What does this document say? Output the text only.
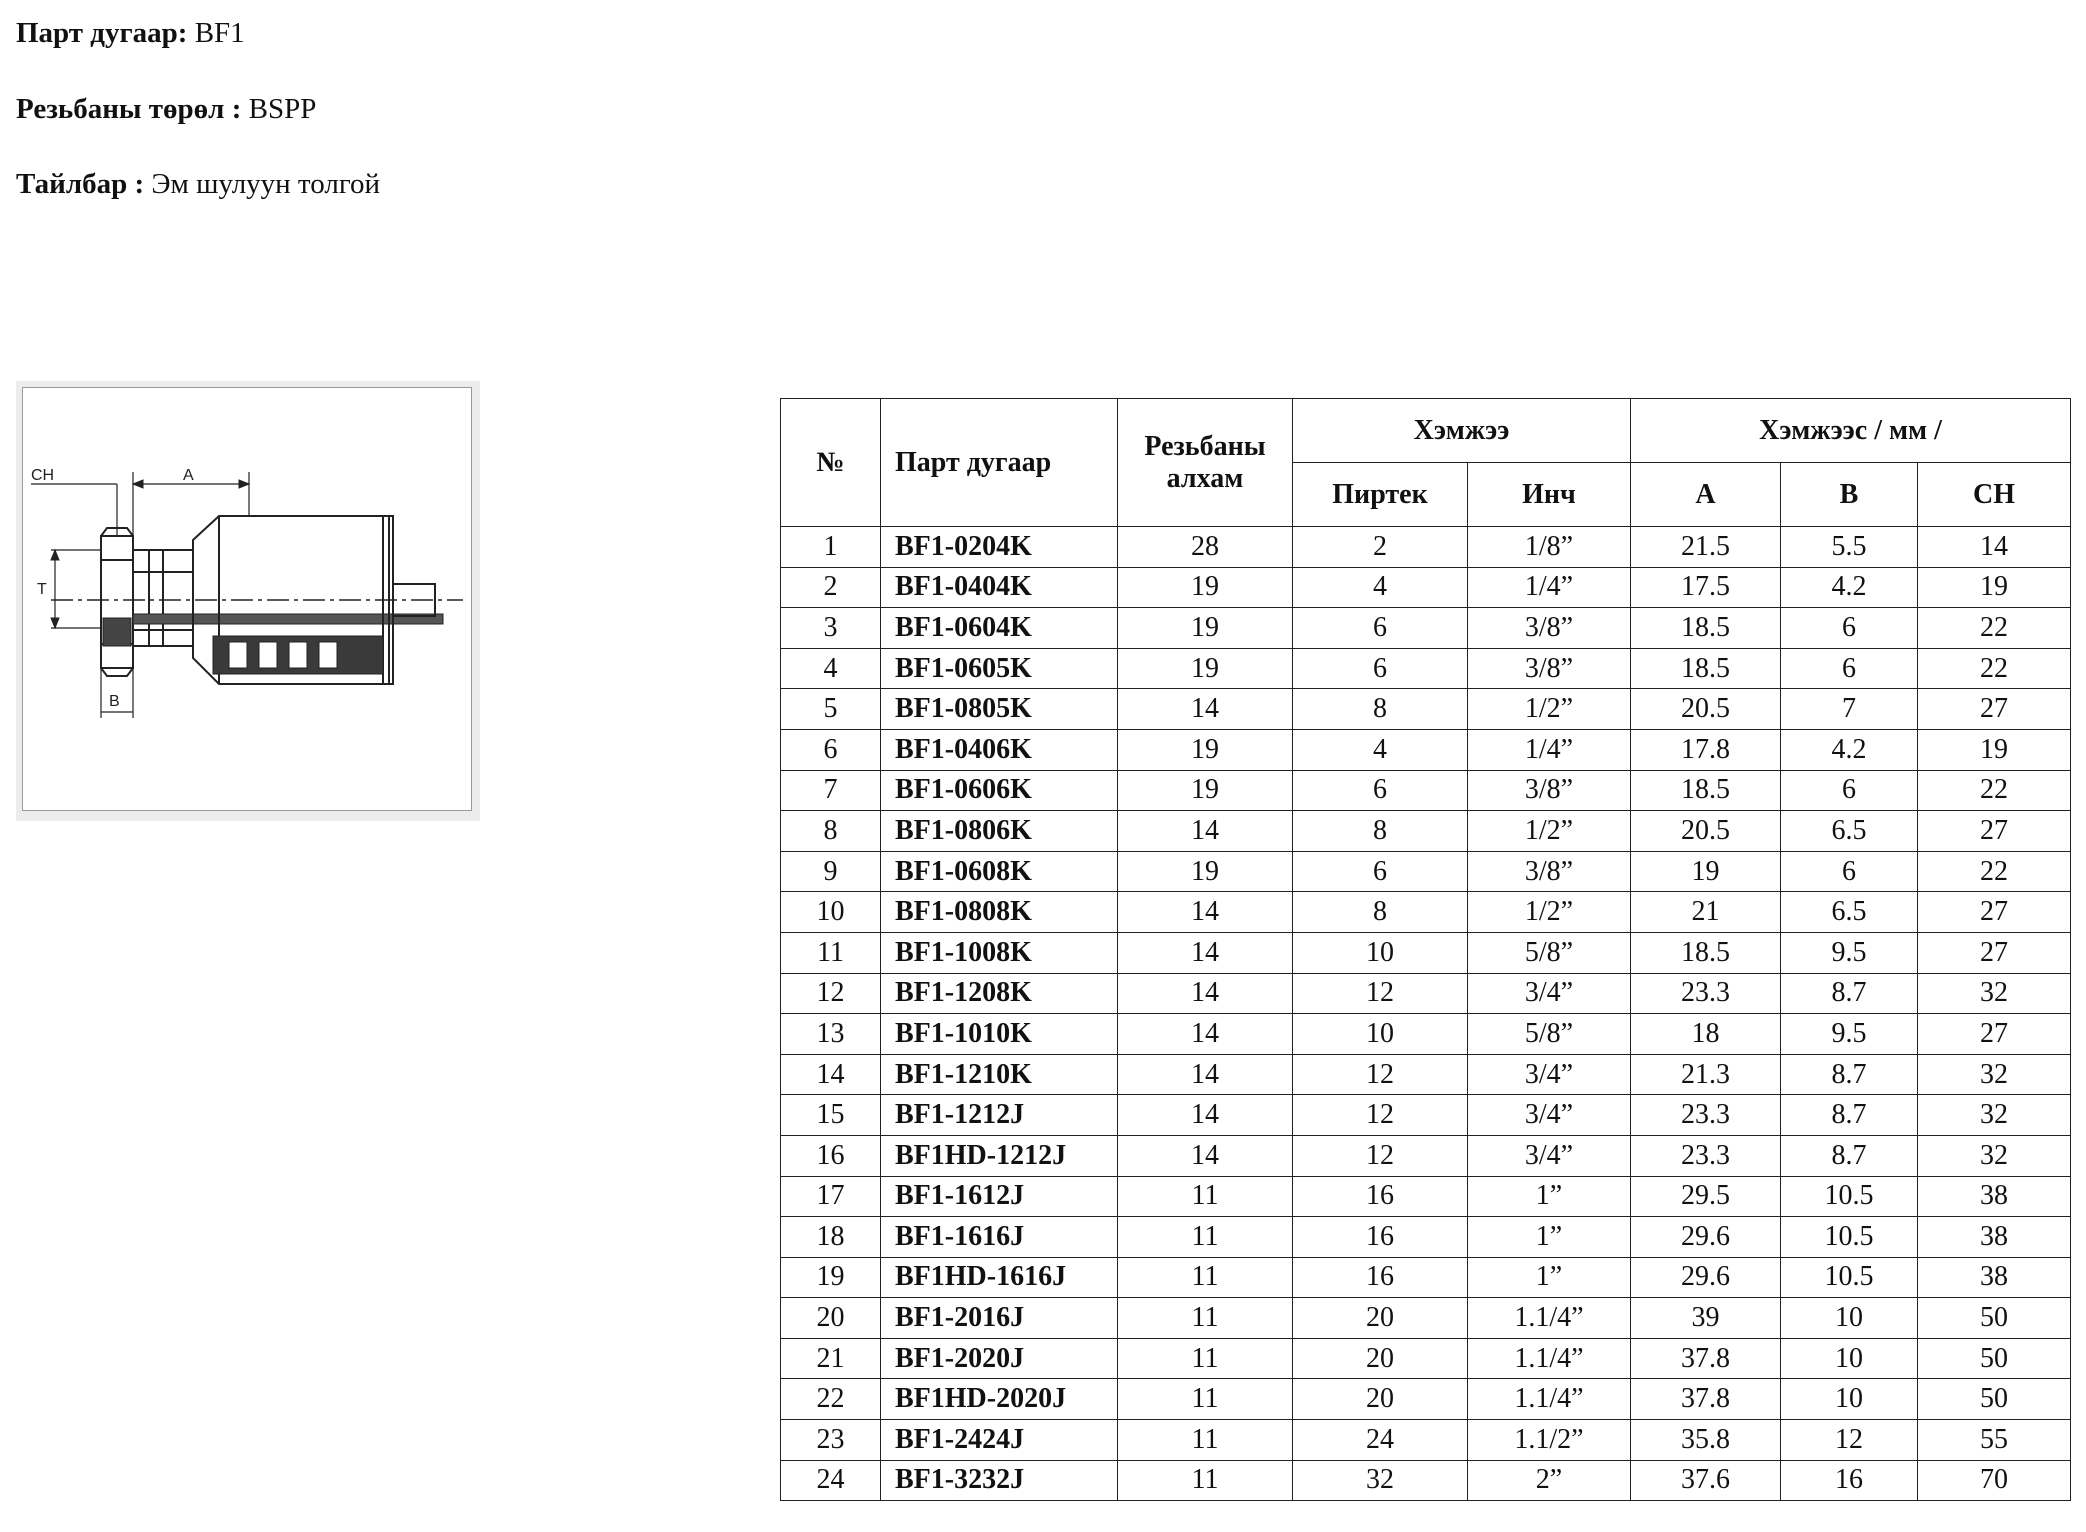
Парт дугаар: BF1
Резьбаны төрөл : BSPP
Тайлбар : Эм шулуун толгой
CH	A
T
B
№	Парт дугаар	Резьбаны алхам	Хэмжээ		Хэмжээс / мм /		
			Пиртек	Инч	A	B	CH
1	BF1-0204K	28	2	1/8”	21.5	5.5	14
2	BF1-0404K	19	4	1/4”	17.5	4.2	19
3	BF1-0604K	19	6	3/8”	18.5	6	22
4	BF1-0605K	19	6	3/8”	18.5	6	22
5	BF1-0805K	14	8	1/2”	20.5	7	27
6	BF1-0406K	19	4	1/4”	17.8	4.2	19
7	BF1-0606K	19	6	3/8”	18.5	6	22
8	BF1-0806K	14	8	1/2”	20.5	6.5	27
9	BF1-0608K	19	6	3/8”	19	6	22
10	BF1-0808K	14	8	1/2”	21	6.5	27
11	BF1-1008K	14	10	5/8”	18.5	9.5	27
12	BF1-1208K	14	12	3/4”	23.3	8.7	32
13	BF1-1010K	14	10	5/8”	18	9.5	27
14	BF1-1210K	14	12	3/4”	21.3	8.7	32
15	BF1-1212J	14	12	3/4”	23.3	8.7	32
16	BF1HD-1212J	14	12	3/4”	23.3	8.7	32
17	BF1-1612J	11	16	1”	29.5	10.5	38
18	BF1-1616J	11	16	1”	29.6	10.5	38
19	BF1HD-1616J	11	16	1”	29.6	10.5	38
20	BF1-2016J	11	20	1.1/4”	39	10	50
21	BF1-2020J	11	20	1.1/4”	37.8	10	50
22	BF1HD-2020J	11	20	1.1/4”	37.8	10	50
23	BF1-2424J	11	24	1.1/2”	35.8	12	55
24	BF1-3232J	11	32	2”	37.6	16	70
